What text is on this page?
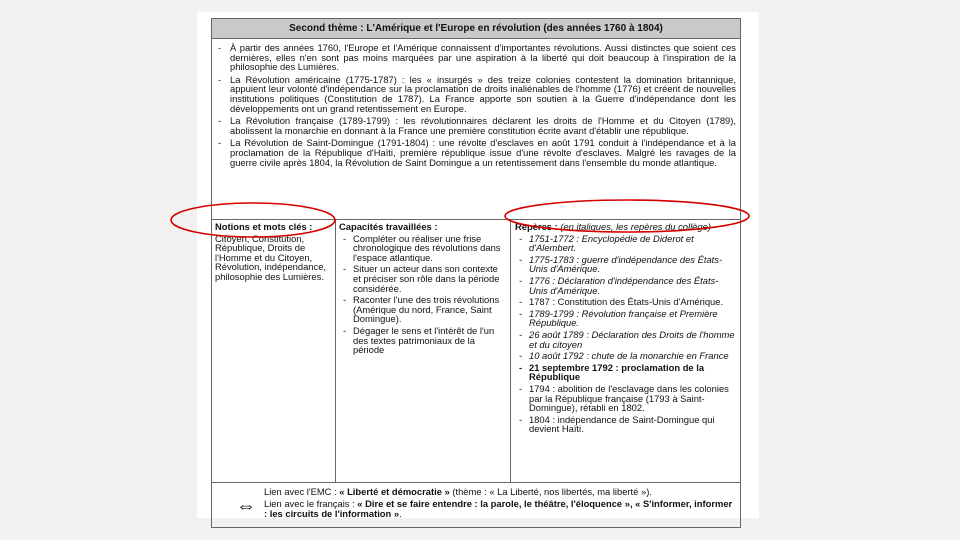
Second thème : L'Amérique et l'Europe en révolution (des années 1760 à 1804)
- À partir des années 1760, l'Europe et l'Amérique connaissent d'importantes révolutions. Aussi distinctes que soient ces dernières, elles n'en sont pas moins marquées par une aspiration à la liberté qui doit beaucoup à l'inspiration de la philosophie des Lumières.
- La Révolution américaine (1775-1787) : les « insurgés » des treize colonies contestent la domination britannique, appuient leur volonté d'indépendance sur la proclamation de droits inaliénables de l'homme (1776) et créent de nouvelles institutions politiques (Constitution de 1787). La France apporte son soutien à la Guerre d'indépendance dont les développements ont un grand retentissement en Europe.
- La Révolution française (1789-1799) : les révolutionnaires déclarent les droits de l'Homme et du Citoyen (1789), abolissent la monarchie en donnant à la France une première constitution écrite avant d'établir une république.
- La Révolution de Saint-Domingue (1791-1804) : une révolte d'esclaves en août 1791 conduit à l'indépendance et à la proclamation de la République d'Haïti, première république issue d'une révolte d'esclaves. Malgré les ravages de la guerre civile après 1804, la Révolution de Saint Domingue a un retentissement dans l'ensemble du monde atlantique.
Notions et mots clés :
Citoyen, Constitution, République, Droits de l'Homme et du Citoyen, Révolution, indépendance, philosophie des Lumières.
Capacités travaillées :
- Compléter ou réaliser une frise chronologique des révolutions dans l'espace atlantique.
- Situer un acteur dans son contexte et préciser son rôle dans la période considérée.
- Raconter l'une des trois révolutions (Amérique du nord, France, Saint Domingue).
- Dégager le sens et l'intérêt de l'un des textes patrimoniaux de la période
Repères : (en italiques, les repères du collège)
- 1751-1772 : Encyclopédie de Diderot et d'Alembert.
- 1775-1783 : guerre d'indépendance des États-Unis d'Amérique.
- 1776 : Déclaration d'indépendance des États-Unis d'Amérique.
- 1787 : Constitution des États-Unis d'Amérique.
- 1789-1799 : Révolution française et Première République.
- 26 août 1789 : Déclaration des Droits de l'homme et du citoyen
- 10 août 1792 : chute de la monarchie en France
- 21 septembre 1792 : proclamation de la République
- 1794 : abolition de l'esclavage dans les colonies par la République française (1793 à Saint-Domingue), rétabli en 1802.
- 1804 : indépendance de Saint-Domingue qui devient Haïti.
⇔
Lien avec l'EMC : « Liberté et démocratie » (thème : « La Liberté, nos libertés, ma liberté »).
Lien avec le français : « Dire et se faire entendre : la parole, le théâtre, l'éloquence », « S'informer, informer : les circuits de l'information ».
